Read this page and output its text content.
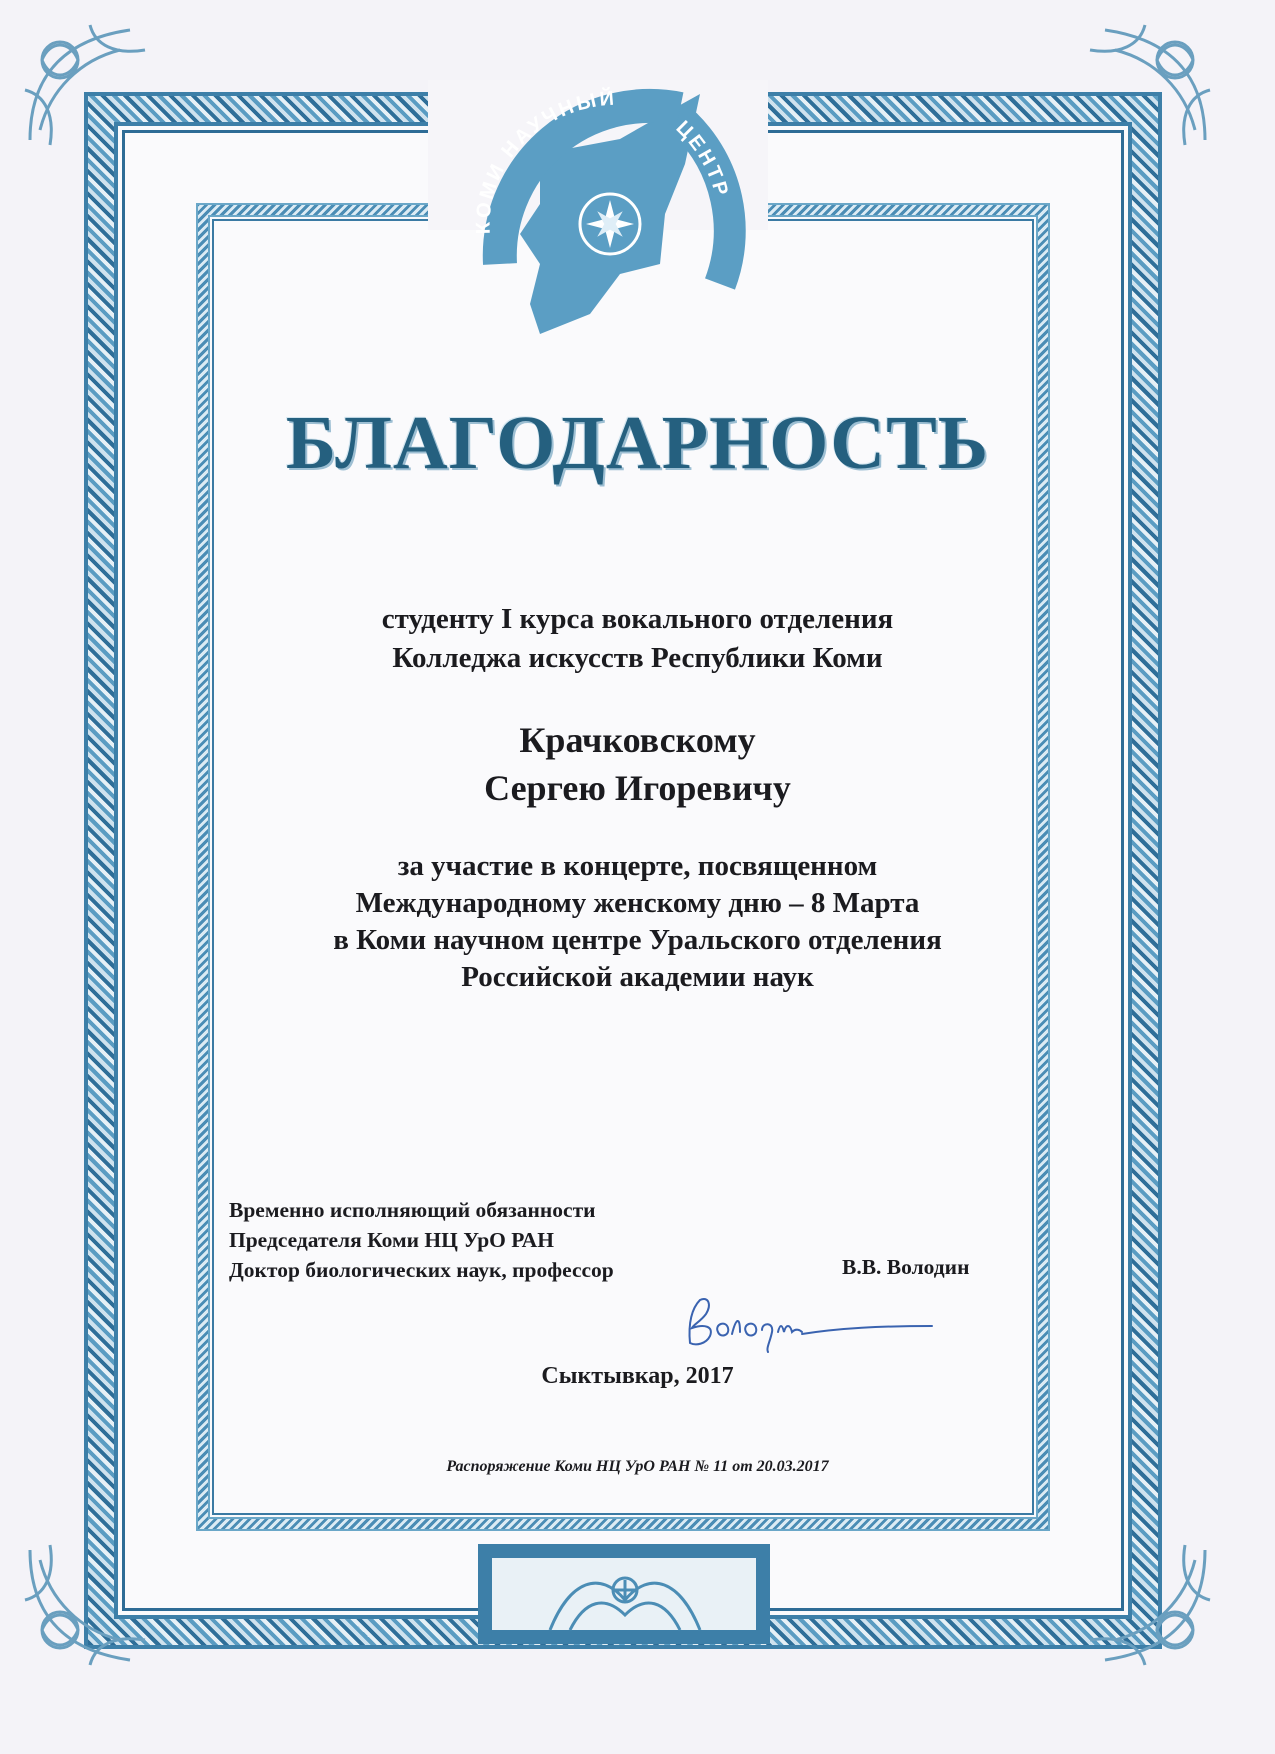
КОМИ НАУЧНЫЙ
ЦЕНТР
БЛАГОДАРНОСТЬ
студенту I курса вокального отделения
Колледжа искусств Республики Коми
Крачковскому
Сергею Игоревичу
за участие в концерте, посвященном
Международному женскому дню – 8 Марта
в Коми научном центре Уральского отделения
Российской академии наук
Временно исполняющий обязанности
Председателя Коми НЦ УрО РАН
Доктор биологических наук, профессор	В.В. Володин
Сыктывкар, 2017
Распоряжение Коми НЦ УрО РАН № 11 от 20.03.2017
